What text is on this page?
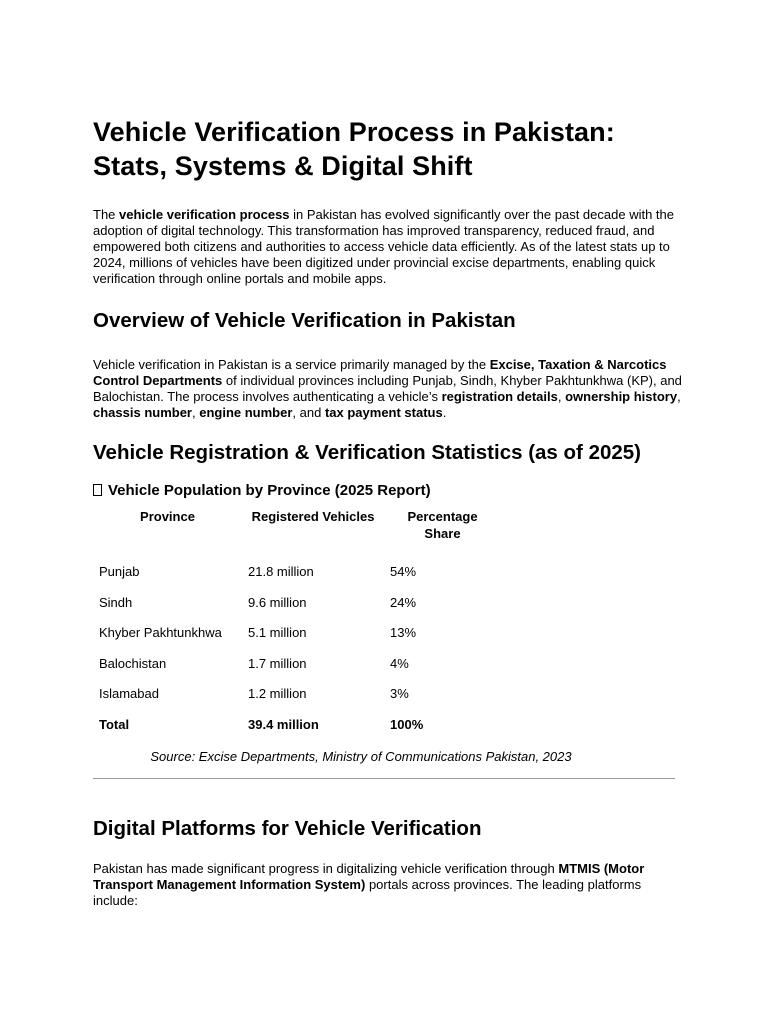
Vehicle Verification Process in Pakistan: Stats, Systems & Digital Shift

The vehicle verification process in Pakistan has evolved significantly over the past decade with the adoption of digital technology. This transformation has improved transparency, reduced fraud, and empowered both citizens and authorities to access vehicle data efficiently. As of the latest stats up to 2024, millions of vehicles have been digitized under provincial excise departments, enabling quick verification through online portals and mobile apps.

Overview of Vehicle Verification in Pakistan

Vehicle verification in Pakistan is a service primarily managed by the Excise, Taxation & Narcotics Control Departments of individual provinces including Punjab, Sindh, Khyber Pakhtunkhwa (KP), and Balochistan. The process involves authenticating a vehicle’s registration details, ownership history, chassis number, engine number, and tax payment status.

Vehicle Registration & Verification Statistics (as of 2025)
Vehicle Population by Province (2025 Report)
Province	Registered Vehicles	Percentage Share
Punjab	21.8 million	54%
Sindh	9.6 million	24%
Khyber Pakhtunkhwa	5.1 million	13%
Balochistan	1.7 million	4%
Islamabad	1.2 million	3%
Total	39.4 million	100%
Source: Excise Departments, Ministry of Communications Pakistan, 2023
Digital Platforms for Vehicle Verification

Pakistan has made significant progress in digitalizing vehicle verification through MTMIS (Motor Transport Management Information System) portals across provinces. The leading platforms include:
